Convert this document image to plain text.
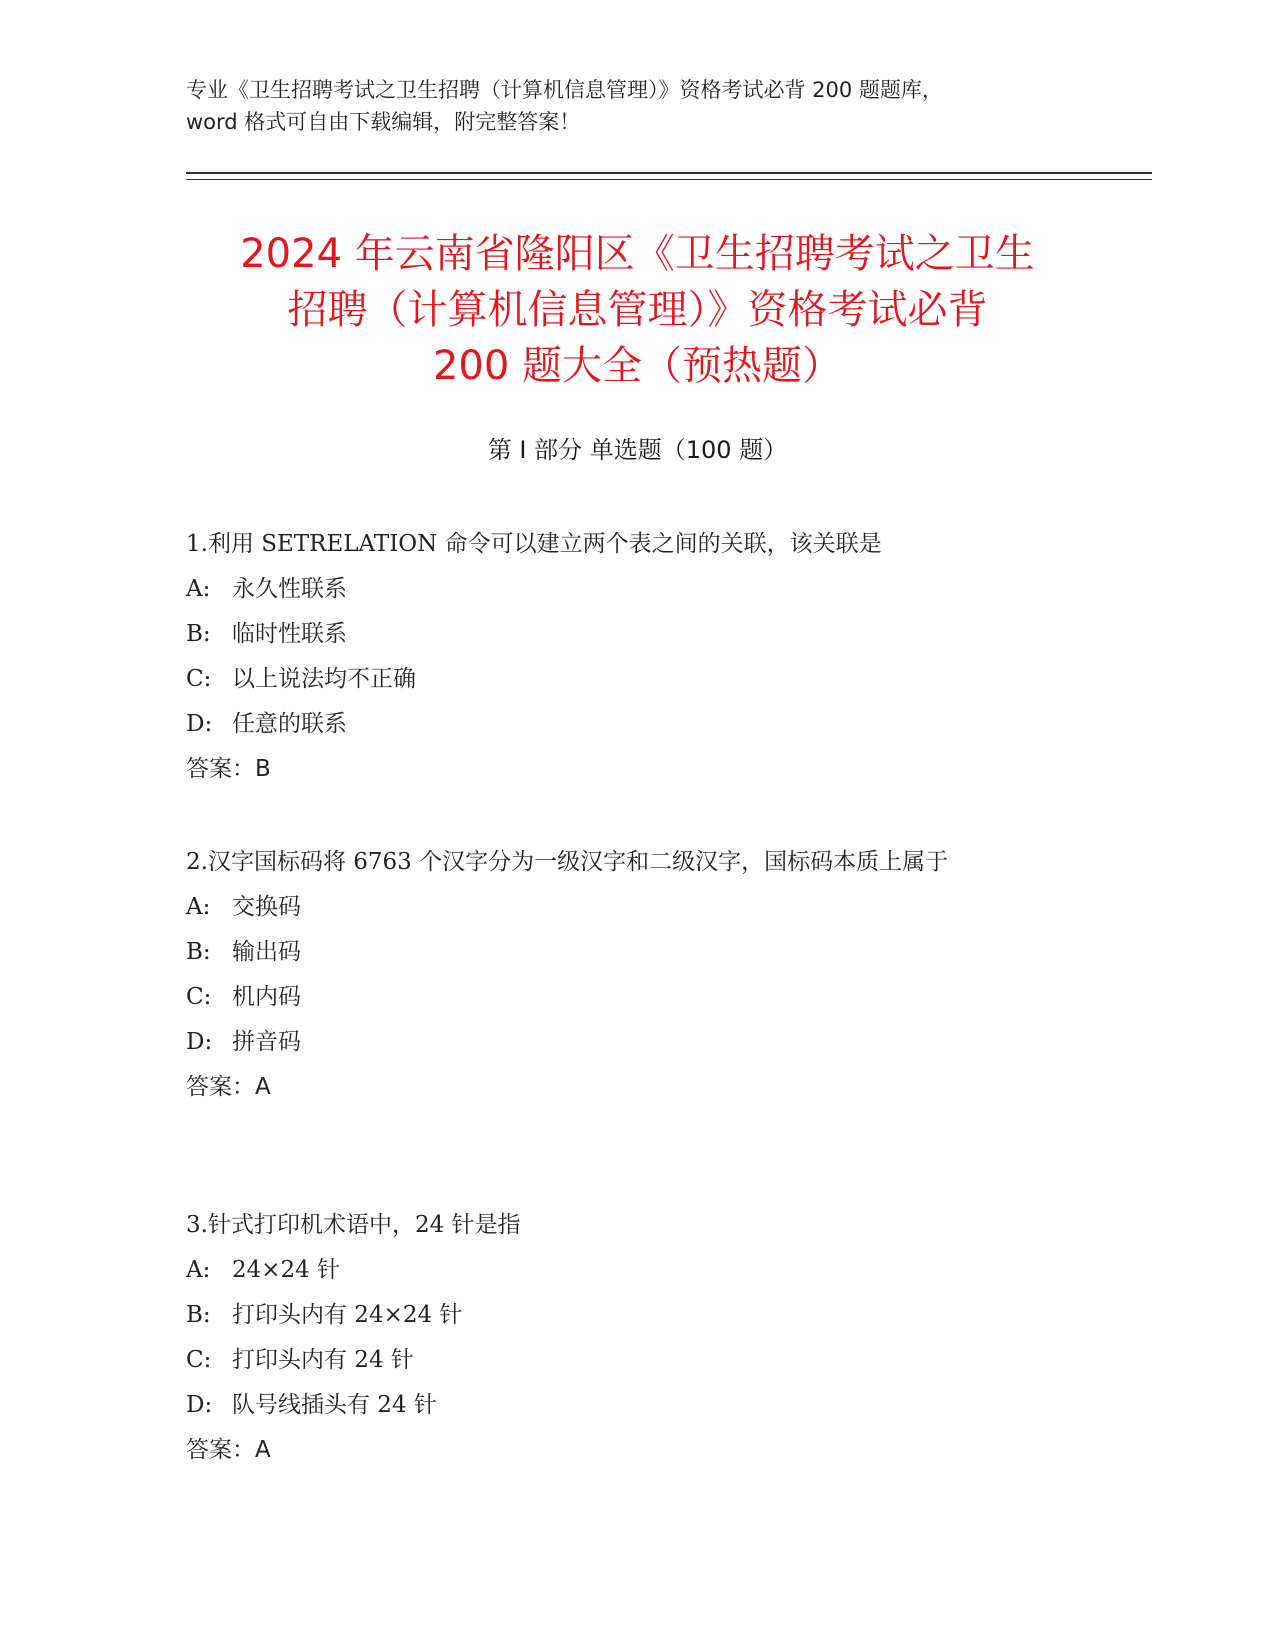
专业《卫生招聘考试之卫生招聘（计算机信息管理）》资格考试必背 200 题题库，
word 格式可自由下载编辑，附完整答案！
2024 年云南省隆阳区《卫生招聘考试之卫生
招聘（计算机信息管理）》资格考试必背
200 题大全（预热题）
第 I 部分 单选题（100 题）
1.利用 SETRELATION 命令可以建立两个表之间的关联，该关联是
A: 永久性联系
B: 临时性联系
C: 以上说法均不正确
D: 任意的联系
答案：B
2.汉字国标码将 6763 个汉字分为一级汉字和二级汉字，国标码本质上属于
A: 交换码
B: 输出码
C: 机内码
D: 拼音码
答案：A
3.针式打印机术语中，24 针是指
A: 24×24 针
B: 打印头内有 24×24 针
C: 打印头内有 24 针
D: 队号线插头有 24 针
答案：A
